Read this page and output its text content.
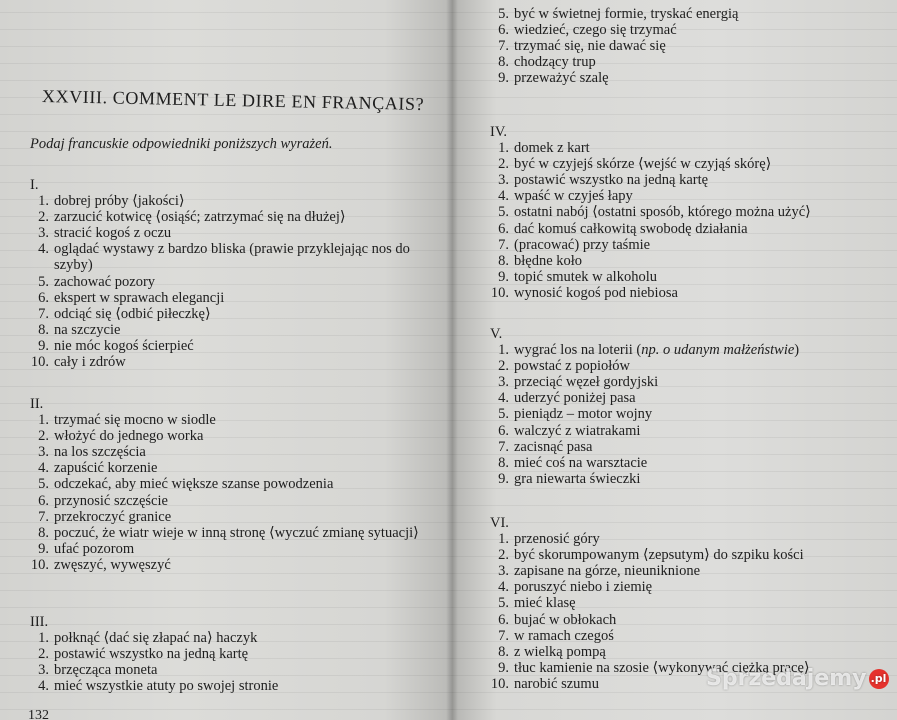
XXVIII. COMMENT LE DIRE EN FRANÇAIS?
Podaj francuskie odpowiedniki poniższych wyrażeń.
I.
1. dobrej próby ⟨jakości⟩
2. zarzucić kotwicę ⟨osiąść; zatrzymać się na dłużej⟩
3. stracić kogoś z oczu
4. oglądać wystawy z bardzo bliska (prawie przyklejając nos do szyby)
5. zachować pozory
6. ekspert w sprawach elegancji
7. odciąć się ⟨odbić piłeczkę⟩
8. na szczycie
9. nie móc kogoś ścierpieć
10. cały i zdrów
II.
1. trzymać się mocno w siodle
2. włożyć do jednego worka
3. na los szczęścia
4. zapuścić korzenie
5. odczekać, aby mieć większe szanse powodzenia
6. przynosić szczęście
7. przekroczyć granice
8. poczuć, że wiatr wieje w inną stronę ⟨wyczuć zmianę sytuacji⟩
9. ufać pozorom
10. zwęszyć, wywęszyć
III.
1. połknąć ⟨dać się złapać na⟩ haczyk
2. postawić wszystko na jedną kartę
3. brzęcząca moneta
4. mieć wszystkie atuty po swojej stronie
132
5. być w świetnej formie, tryskać energią
6. wiedzieć, czego się trzymać
7. trzymać się, nie dawać się
8. chodzący trup
9. przeważyć szalę
IV.
1. domek z kart
2. być w czyjejś skórze ⟨wejść w czyjąś skórę⟩
3. postawić wszystko na jedną kartę
4. wpaść w czyjeś łapy
5. ostatni nabój ⟨ostatni sposób, którego można użyć⟩
6. dać komuś całkowitą swobodę działania
7. (pracować) przy taśmie
8. błędne koło
9. topić smutek w alkoholu
10. wynosić kogoś pod niebiosa
V.
1. wygrać los na loterii (np. o udanym małżeństwie)
2. powstać z popiołów
3. przeciąć węzeł gordyjski
4. uderzyć poniżej pasa
5. pieniądz – motor wojny
6. walczyć z wiatrakami
7. zacisnąć pasa
8. mieć coś na warsztacie
9. gra niewarta świeczki
VI.
1. przenosić góry
2. być skorumpowanym ⟨zepsutym⟩ do szpiku kości
3. zapisane na górze, nieuniknione
4. poruszyć niebo i ziemię
5. mieć klasę
6. bujać w obłokach
7. w ramach czegoś
8. z wielką pompą
9. tłuc kamienie na szosie ⟨wykonywać ciężką pracę⟩
10. narobić szumu	Sprzedajemy .pl
